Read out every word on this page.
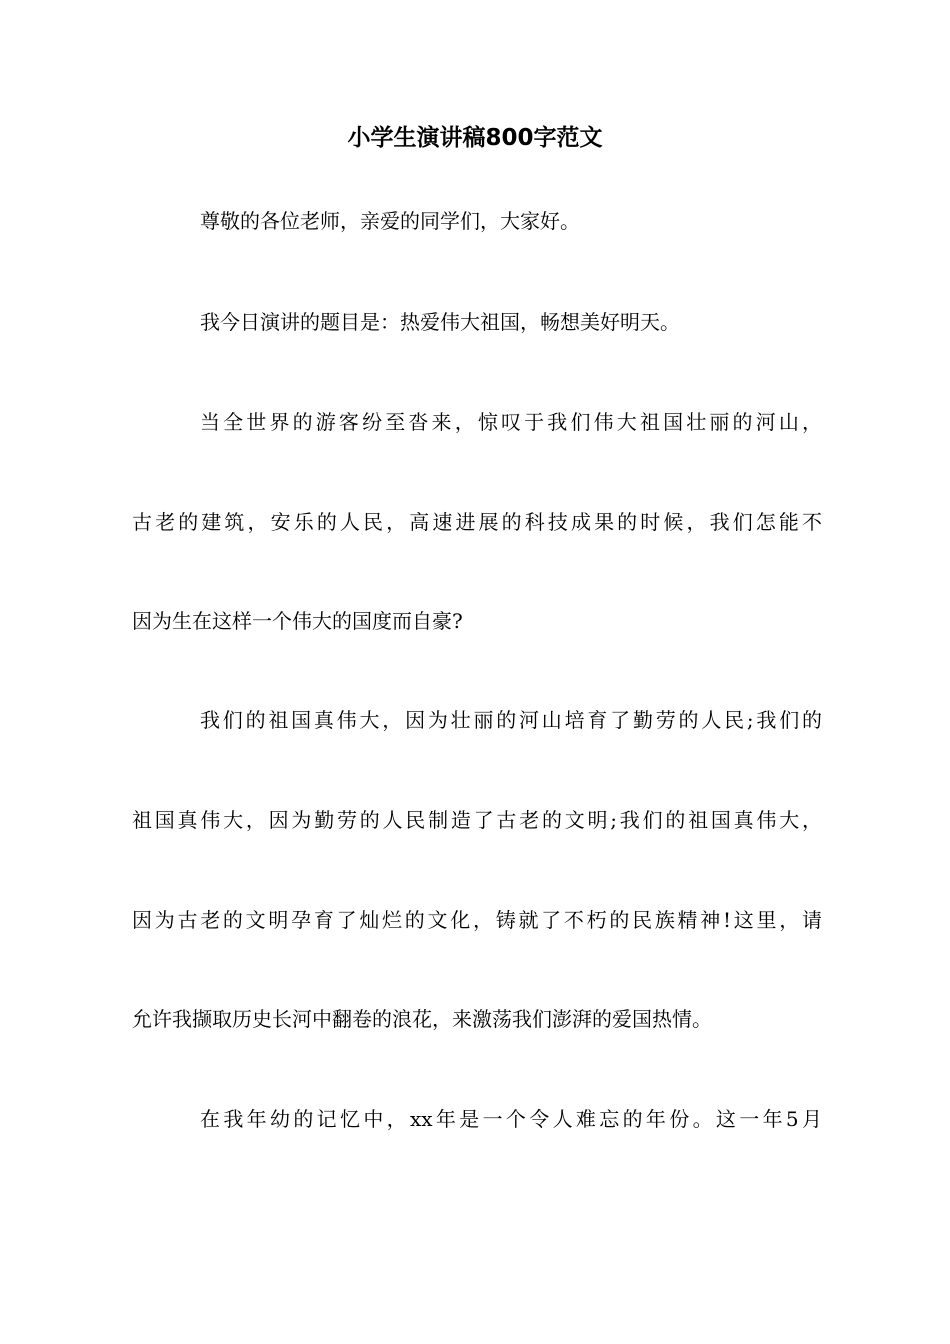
小学生演讲稿800字范文
尊敬的各位老师，亲爱的同学们，大家好。
我今日演讲的题目是：热爱伟大祖国，畅想美好明天。
当全世界的游客纷至沓来，惊叹于我们伟大祖国壮丽的河山，
古老的建筑，安乐的人民，高速进展的科技成果的时候，我们怎能不
因为生在这样一个伟大的国度而自豪?
我们的祖国真伟大，因为壮丽的河山培育了勤劳的人民;我们的
祖国真伟大，因为勤劳的人民制造了古老的文明;我们的祖国真伟大，
因为古老的文明孕育了灿烂的文化，铸就了不朽的民族精神!这里，请
允许我撷取历史长河中翻卷的浪花，来激荡我们澎湃的爱国热情。
在我年幼的记忆中，xx年是一个令人难忘的年份。这一年5月
